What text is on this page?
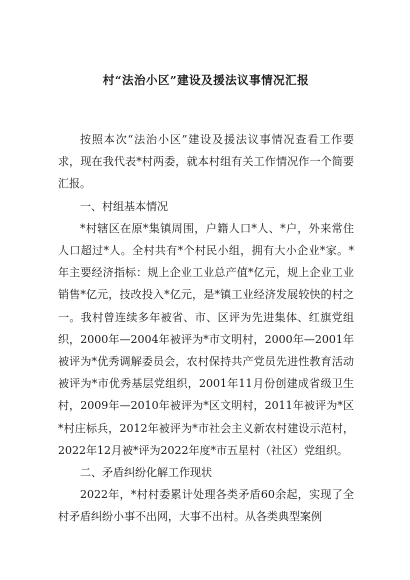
村“法治小区”建设及援法议事情况汇报

按照本次“法治小区”建设及援法议事情况查看工作要求，现在我代表*村两委，就本村组有关工作情况作一个简要汇报。

一、村组基本情况

*村辖区在原*集镇周围，户籍人口*人、*户，外来常住人口超过*人。全村共有*个村民小组，拥有大小企业*家。*年主要经济指标：规上企业工业总产值*亿元，规上企业工业销售*亿元，技改投入*亿元，是*镇工业经济发展较快的村之一。我村曾连续多年被省、市、区评为先进集体、红旗党组织，2000年—2004年被评为*市文明村，2000年—2001年被评为*优秀调解委员会，农村保持共产党员先进性教育活动被评为*市优秀基层党组织，2001年11月份创建成省级卫生村，2009年—2010年被评为*区文明村，2011年被评为*区*村庄标兵，2012年被评为*市社会主义新农村建设示范村，2022年12月被*评为2022年度*市五星村（社区）党组织。

二、矛盾纠纷化解工作现状

2022年，*村村委累计处理各类矛盾60余起，实现了全村矛盾纠纷小事不出网，大事不出村。从各类典型案例
